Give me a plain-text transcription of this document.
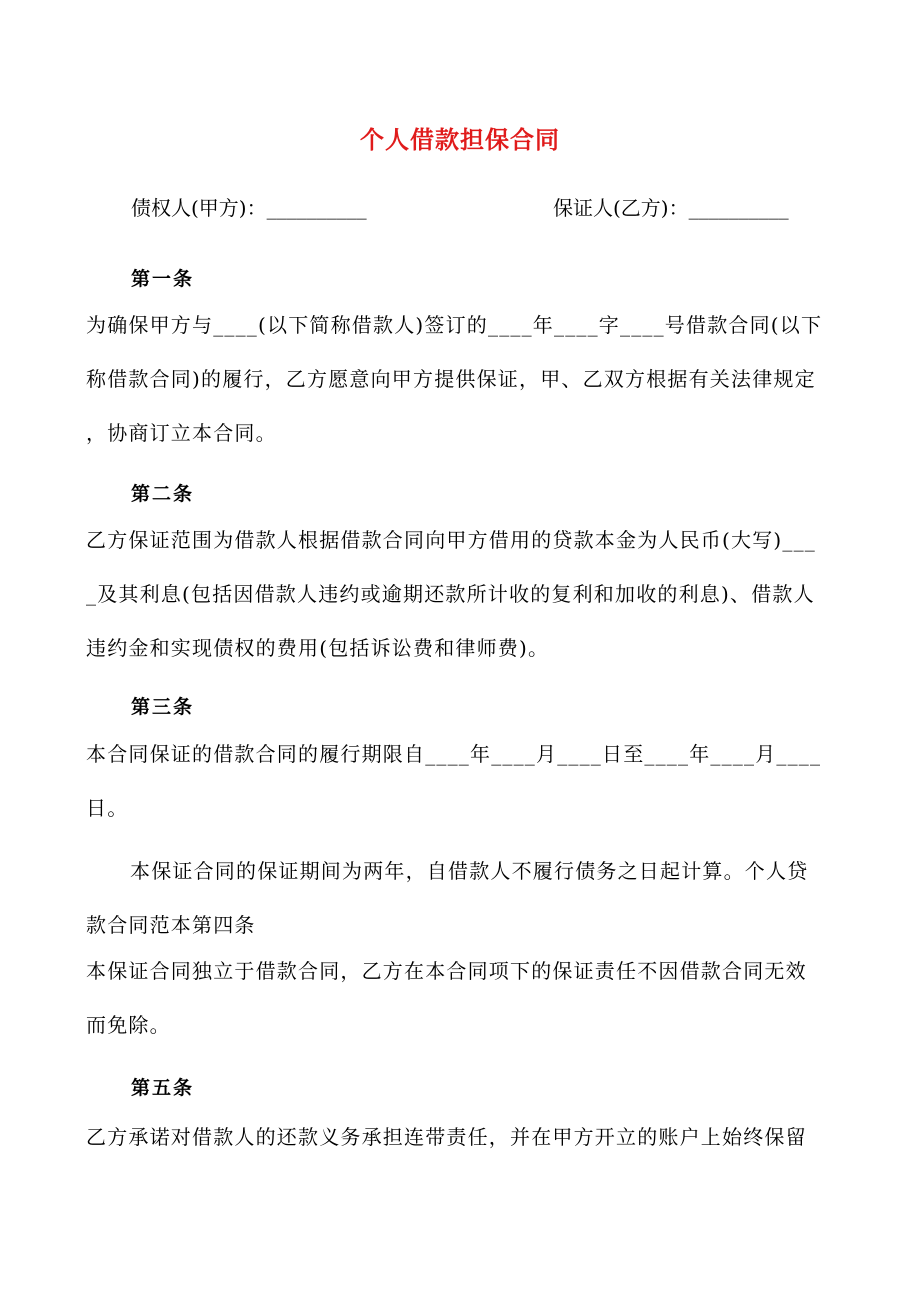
个人借款担保合同
债权人(甲方)：__________	保证人(乙方)：__________
第一条
为确保甲方与____(以下简称借款人)签订的____年____字____号借款合同(以下
称借款合同)的履行，乙方愿意向甲方提供保证，甲、乙双方根据有关法律规定
，协商订立本合同。
第二条
乙方保证范围为借款人根据借款合同向甲方借用的贷款本金为人民币(大写)___
_及其利息(包括因借款人违约或逾期还款所计收的复利和加收的利息)、借款人
违约金和实现债权的费用(包括诉讼费和律师费)。
第三条
本合同保证的借款合同的履行期限自____年____月____日至____年____月____
日。
本保证合同的保证期间为两年，自借款人不履行债务之日起计算。个人贷
款合同范本第四条
本保证合同独立于借款合同，乙方在本合同项下的保证责任不因借款合同无效
而免除。
第五条
乙方承诺对借款人的还款义务承担连带责任，并在甲方开立的账户上始终保留
